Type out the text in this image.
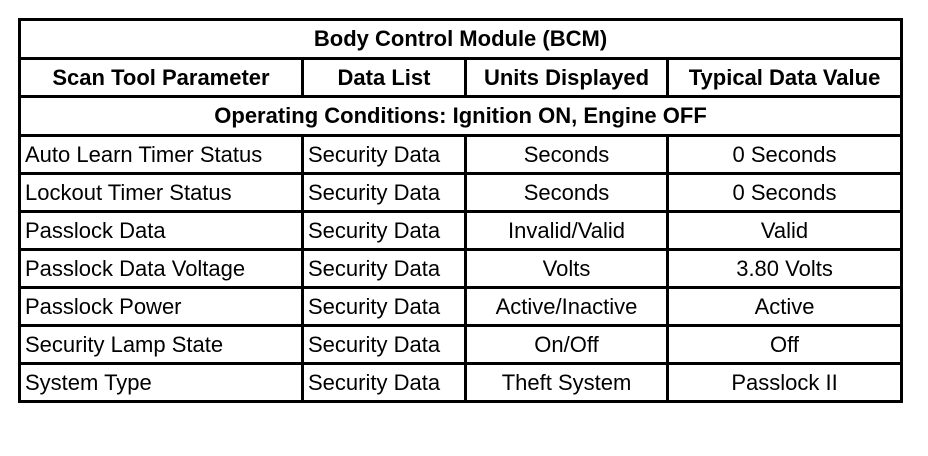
Body Control Module (BCM)			
Scan Tool Parameter	Data List	Units Displayed	Typical Data Value
Operating Conditions: Ignition ON, Engine OFF			
Auto Learn Timer Status	Security Data	Seconds	0 Seconds
Lockout Timer Status	Security Data	Seconds	0 Seconds
Passlock Data	Security Data	Invalid/Valid	Valid
Passlock Data Voltage	Security Data	Volts	3.80 Volts
Passlock Power	Security Data	Active/Inactive	Active
Security Lamp State	Security Data	On/Off	Off
System Type	Security Data	Theft System	Passlock II
